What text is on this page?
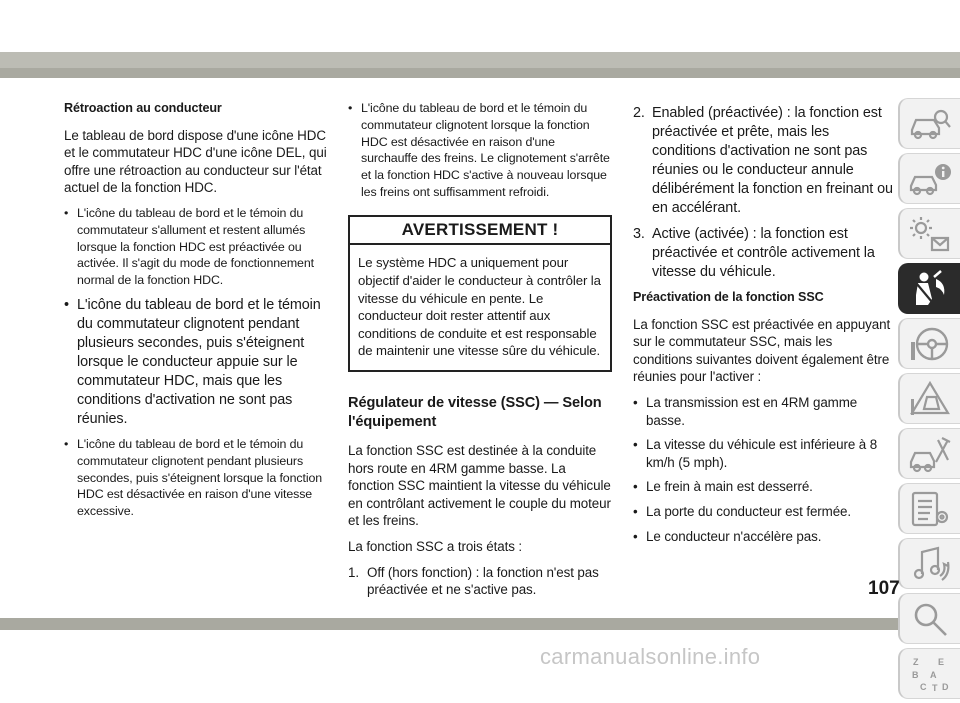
Rétroaction au conducteur

Le tableau de bord dispose d'une icône HDC et le commutateur HDC d'une icône DEL, qui offre une rétroaction au conducteur sur l'état actuel de la fonction HDC.

• L'icône du tableau de bord et le témoin du commutateur s'allument et restent allumés lorsque la fonction HDC est préactivée ou activée. Il s'agit du mode de fonctionnement normal de la fonction HDC.
• L'icône du tableau de bord et le témoin du commutateur clignotent pendant plusieurs secondes, puis s'éteignent lorsque le conducteur appuie sur le commutateur HDC, mais que les conditions d'activation ne sont pas réunies.
• L'icône du tableau de bord et le témoin du commutateur clignotent pendant plusieurs secondes, puis s'éteignent lorsque la fonction HDC est désactivée en raison d'une vitesse excessive.
• L'icône du tableau de bord et le témoin du commutateur clignotent lorsque la fonction HDC est désactivée en raison d'une surchauffe des freins. Le clignotement s'arrête et la fonction HDC s'active à nouveau lorsque les freins ont suffisamment refroidi.
AVERTISSEMENT !
Le système HDC a uniquement pour objectif d'aider le conducteur à contrôler la vitesse du véhicule en pente. Le conducteur doit rester attentif aux conditions de conduite et est responsable de maintenir une vitesse sûre du véhicule.
Régulateur de vitesse (SSC) — Selon l'équipement

La fonction SSC est destinée à la conduite hors route en 4RM gamme basse. La fonction SSC maintient la vitesse du véhicule en contrôlant activement le couple du moteur et les freins.

La fonction SSC a trois états :

1. Off (hors fonction) : la fonction n'est pas préactivée et ne s'active pas.
2. Enabled (préactivée) : la fonction est préactivée et prête, mais les conditions d'activation ne sont pas réunies ou le conducteur annule délibérément la fonction en freinant ou en accélérant.
3. Active (activée) : la fonction est préactivée et contrôle activement la vitesse du véhicule.
Préactivation de la fonction SSC

La fonction SSC est préactivée en appuyant sur le commutateur SSC, mais les conditions suivantes doivent également être réunies pour l'activer :

• La transmission est en 4RM gamme basse.
• La vitesse du véhicule est inférieure à 8 km/h (5 mph).
• Le frein à main est desserré.
• La porte du conducteur est fermée.
• Le conducteur n'accélère pas.
Z E
B A
C D
T
107
carmanualsonline.info
